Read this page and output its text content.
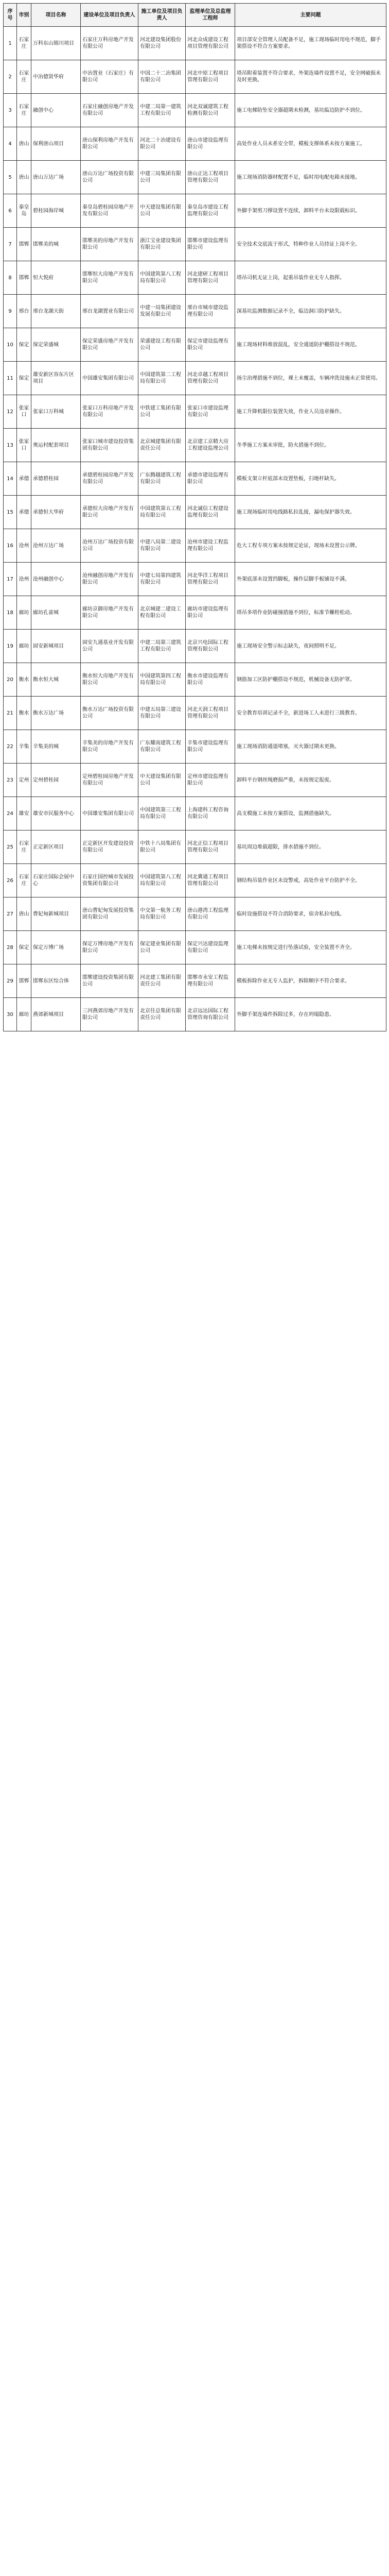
序号	市别	项目名称	建设单位及项目负责人	施工单位及项目负责人	监理单位及总监理工程师	主要问题
1	石家庄	万科东山锦川项目	石家庄万科房地产开发有限公司	河北建设集团股份有限公司	河北众成建设工程项目管理有限公司	项目部安全管理人员配备不足，施工现场临时用电不规范，脚手架搭设不符合方案要求。
2	石家庄	中冶德贤华府	中冶置业（石家庄）有限公司	中国二十二冶集团有限公司	河北中原工程项目管理有限公司	塔吊附着装置不符合要求，外架连墙件设置不足，安全网破损未及时更换。
3	石家庄	融创中心	石家庄融创房地产开发有限公司	中建二局第一建筑工程有限公司	河北双诚建筑工程检测有限公司	施工电梯防坠安全器超期未检测，基坑临边防护不到位。
4	唐山	保利唐山项目	唐山保利房地产开发有限公司	河北二十冶建设有限公司	唐山市建设监理有限公司	高处作业人员未系安全带，模板支撑体系未按方案施工。
5	唐山	唐山万达广场	唐山万达广场投资有限公司	中建三局集团有限公司	唐山正达工程项目管理有限公司	施工现场消防器材配置不足，临时用电配电箱未接地。
6	秦皇岛	碧桂园海岸城	秦皇岛碧桂园房地产开发有限公司	中天建设集团有限公司	秦皇岛市建设工程监理有限公司	外脚手架剪刀撑设置不连续，卸料平台未设限载标识。
7	邯郸	邯郸美的城	邯郸美的房地产开发有限公司	浙江宝业建设集团有限公司	邯郸市建设监理有限公司	安全技术交底流于形式，特种作业人员持证上岗不全。
8	邯郸	恒大悦府	邯郸恒大房地产开发有限公司	中国建筑第八工程局有限公司	河北建研工程项目管理有限公司	塔吊司机无证上岗，起重吊装作业无专人指挥。
9	邢台	邢台龙湖天街	邢台龙湖置业有限公司	中建一局集团建设发展有限公司	邢台市城市建设监理有限公司	深基坑监测数据记录不全，临边洞口防护缺失。
10	保定	保定荣盛城	保定荣盛房地产开发有限公司	荣盛建设工程有限公司	保定市建设监理有限公司	施工现场材料堆放混乱，安全通道防护棚搭设不规范。
11	保定	雄安新区容东片区项目	中国雄安集团有限公司	中国建筑第二工程局有限公司	河北卓越工程项目管理有限公司	扬尘治理措施不到位，裸土未覆盖，车辆冲洗设施未正常使用。
12	张家口	张家口万科城	张家口万科房地产开发有限公司	中铁建工集团有限公司	张家口市建设监理有限公司	施工升降机限位装置失效，作业人员违章操作。
13	张家口	奥运村配套项目	张家口城市建设投资集团有限公司	北京城建集团有限责任公司	北京建工京精大房工程建设监理公司	冬季施工方案未审批，防火措施不到位。
14	承德	承德碧桂园	承德碧桂园房地产开发有限公司	广东腾越建筑工程有限公司	承德市建设监理有限公司	模板支架立杆底部未设置垫板，扫地杆缺失。
15	承德	承德恒大华府	承德恒大房地产开发有限公司	中国建筑第五工程局有限公司	河北诚信工程建设监理有限公司	施工现场临时用电线路私拉乱接，漏电保护器失效。
16	沧州	沧州万达广场	沧州万达广场投资有限公司	中建八局第二建设有限公司	沧州市建设工程监理有限公司	危大工程专项方案未按规定论证，现场未设置公示牌。
17	沧州	沧州融创中心	沧州融创房地产开发有限公司	中建七局第四建筑有限公司	河北华洋工程项目管理有限公司	外架底部未设置挡脚板，操作层脚手板铺设不满。
18	廊坊	廊坊孔雀城	廊坊京御房地产开发有限公司	北京城建二建设工程有限公司	廊坊市建设监理有限公司	塔吊多塔作业防碰撞措施不到位，标准节螺栓松动。
19	廊坊	固安新城项目	固安九通基业开发有限公司	中建二局第三建筑工程有限公司	北京兴电国际工程管理有限公司	施工现场安全警示标志缺失，夜间照明不足。
20	衡水	衡水恒大城	衡水恒大房地产开发有限公司	中国建筑第四工程局有限公司	衡水市建设监理有限公司	钢筋加工区防护棚搭设不规范，机械设备无防护罩。
21	衡水	衡水万达广场	衡水万达广场投资有限公司	中建五局第三建设有限公司	河北天润工程项目管理有限公司	安全教育培训记录不全，新进场工人未进行三级教育。
22	辛集	辛集美的城	辛集美的房地产开发有限公司	广东耀南建筑工程有限公司	辛集市建设监理有限公司	施工现场消防通道堵塞，灭火器过期未更换。
23	定州	定州碧桂园	定州碧桂园房地产开发有限公司	中天建设集团有限公司	定州市建设监理有限公司	卸料平台钢丝绳磨损严重，未按规定报废。
24	雄安	雄安市民服务中心	中国雄安集团有限公司	中国建筑第三工程局有限公司	上海建科工程咨询有限公司	高支模施工未按方案搭设，监测措施缺失。
25	石家庄	正定新区项目	正定新区开发建设投资有限公司	中铁十八局集团有限公司	河北正信工程项目管理有限公司	基坑周边堆载超限，排水措施不到位。
26	石家庄	石家庄国际会展中心	石家庄国控城市发展投资集团有限公司	中国建筑第八工程局有限公司	河北冀通工程项目管理有限公司	钢结构吊装作业区未设警戒，高处作业平台防护不全。
27	唐山	曹妃甸新城项目	唐山曹妃甸发展投资集团有限公司	中交第一航务工程局有限公司	唐山港湾工程监理有限公司	临时设施搭设不符合消防要求，宿舍私拉电线。
28	保定	保定万博广场	保定万博房地产开发有限公司	保定建业集团有限公司	保定兴达建设监理有限公司	施工电梯未按规定进行坠落试验，安全装置不齐全。
29	邯郸	邯郸东区综合体	邯郸建设投资集团有限公司	河北建工集团有限责任公司	邯郸市永安工程监理有限公司	模板拆除作业无专人监护，拆除顺序不符合要求。
30	廊坊	燕郊新城项目	三河燕郊房地产开发有限公司	北京住总集团有限责任公司	北京远达国际工程管理咨询有限公司	外脚手架连墙件拆除过多，存在坍塌隐患。
